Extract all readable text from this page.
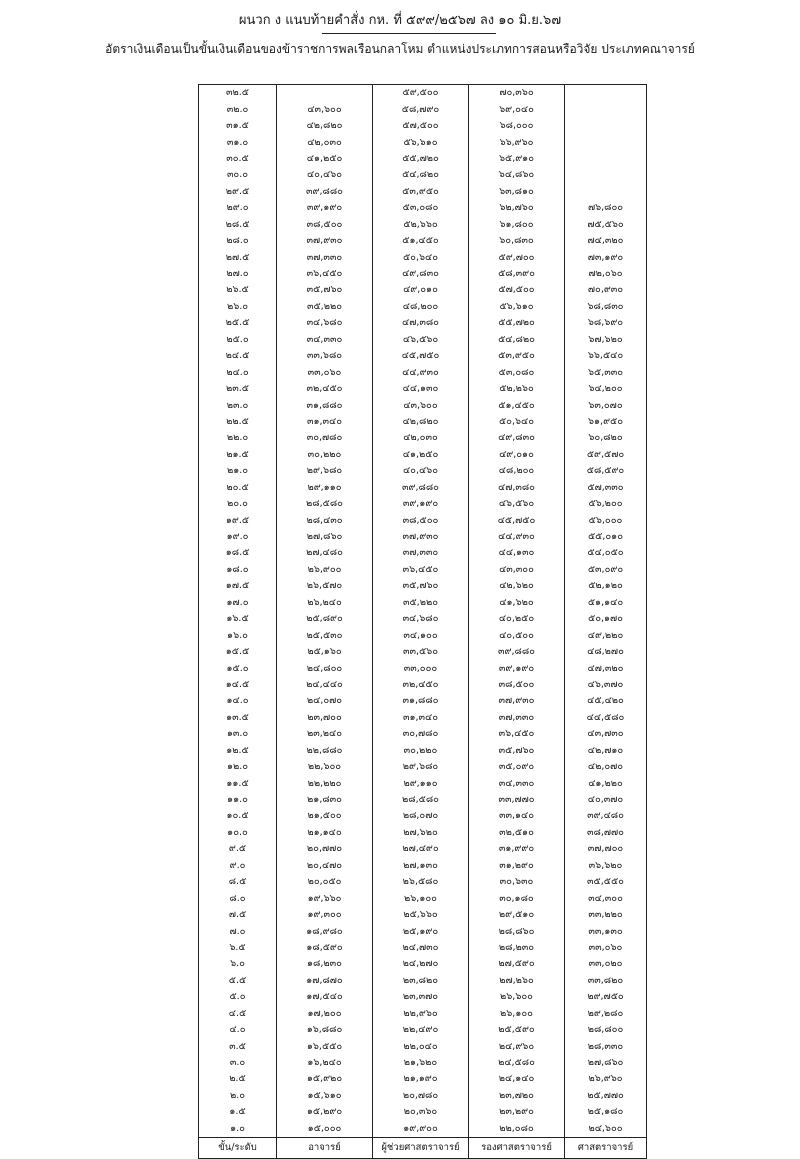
ผนวก ง แนบท้ายคำสั่ง กห. ที่ ๕๙๙/๒๕๖๗ ลง ๑๐ มิ.ย.๖๗
อัตราเงินเดือนเป็นขั้นเงินเดือนของข้าราชการพลเรือนกลาโหม ตำแหน่งประเภทการสอนหรือวิจัย ประเภทคณาจารย์
๓๒.๕		๕๙,๕๐๐	๗๐,๓๖๐	
๓๒.๐	๔๓,๖๐๐	๕๘,๗๙๐	๖๙,๐๔๐	
๓๑.๕	๔๒,๘๒๐	๕๗,๕๐๐	๖๘,๐๐๐	
๓๑.๐	๔๒,๐๓๐	๕๖,๖๑๐	๖๖,๙๖๐	
๓๐.๕	๔๑,๒๕๐	๕๕,๗๒๐	๖๕,๙๑๐	
๓๐.๐	๔๐,๔๖๐	๕๔,๘๒๐	๖๔,๘๖๐	
๒๙.๕	๓๙,๘๘๐	๕๓,๙๕๐	๖๓,๘๑๐	
๒๙.๐	๓๙,๑๙๐	๕๓,๐๘๐	๖๒,๗๖๐	๗๖,๘๐๐
๒๘.๕	๓๘,๕๐๐	๕๒,๖๖๐	๖๑,๘๐๐	๗๕,๕๖๐
๒๘.๐	๓๗,๙๓๐	๕๑,๔๕๐	๖๐,๘๓๐	๗๔,๓๒๐
๒๗.๕	๓๗,๓๓๐	๕๐,๖๔๐	๕๙,๗๐๐	๗๓,๑๙๐
๒๗.๐	๓๖,๔๕๐	๔๙,๘๓๐	๕๘,๓๙๐	๗๒,๐๖๐
๒๖.๕	๓๕,๗๖๐	๔๙,๐๑๐	๕๗,๕๐๐	๗๐,๙๓๐
๒๖.๐	๓๕,๒๒๐	๔๘,๒๐๐	๕๖,๖๑๐	๖๘,๘๓๐
๒๕.๕	๓๔,๖๘๐	๔๗,๓๘๐	๕๕,๗๒๐	๖๘,๖๙๐
๒๕.๐	๓๔,๓๓๐	๔๖,๕๖๐	๕๔,๘๒๐	๖๗,๖๒๐
๒๔.๕	๓๓,๖๘๐	๔๕,๗๕๐	๕๓,๙๕๐	๖๖,๕๔๐
๒๔.๐	๓๓,๐๖๐	๔๔,๙๓๐	๕๓,๐๘๐	๖๕,๓๓๐
๒๓.๕	๓๒,๔๕๐	๔๔,๑๓๐	๕๒,๒๖๐	๖๔,๒๐๐
๒๓.๐	๓๑,๘๘๐	๔๓,๖๐๐	๕๑,๔๕๐	๖๓,๐๗๐
๒๒.๕	๓๑,๓๔๐	๔๒,๘๒๐	๕๐,๖๔๐	๖๑,๙๕๐
๒๒.๐	๓๐,๗๘๐	๔๒,๐๓๐	๔๙,๘๓๐	๖๐,๘๒๐
๒๑.๕	๓๐,๒๒๐	๔๑,๒๕๐	๔๙,๐๑๐	๕๙,๕๗๐
๒๑.๐	๒๙,๖๘๐	๔๐,๔๖๐	๔๘,๒๐๐	๕๘,๕๙๐
๒๐.๕	๒๙,๑๑๐	๓๙,๘๘๐	๔๗,๓๘๐	๕๗,๓๓๐
๒๐.๐	๒๘,๕๘๐	๓๙,๑๙๐	๔๖,๕๖๐	๕๖,๒๐๐
๑๙.๕	๒๘,๔๓๐	๓๘,๕๐๐	๔๕,๗๕๐	๕๖,๐๐๐
๑๙.๐	๒๗,๘๖๐	๓๗,๙๓๐	๔๔,๙๓๐	๕๕,๐๑๐
๑๘.๕	๒๗,๔๘๐	๓๗,๓๓๐	๔๔,๑๓๐	๕๔,๐๕๐
๑๘.๐	๒๖,๙๐๐	๓๖,๔๕๐	๔๓,๓๐๐	๕๓,๐๙๐
๑๗.๕	๒๖,๕๗๐	๓๕,๗๖๐	๔๒,๖๒๐	๕๒,๑๒๐
๑๗.๐	๒๖,๒๔๐	๓๕,๒๒๐	๔๑,๖๒๐	๕๑,๑๔๐
๑๖.๕	๒๕,๘๙๐	๓๔,๖๘๐	๔๐,๒๕๐	๕๐,๑๗๐
๑๖.๐	๒๕,๕๓๐	๓๔,๑๐๐	๔๐,๕๐๐	๔๙,๒๒๐
๑๕.๕	๒๕,๑๖๐	๓๓,๕๖๐	๓๙,๘๘๐	๔๘,๒๗๐
๑๕.๐	๒๔,๘๐๐	๓๓,๐๐๐	๓๙,๑๙๐	๔๗,๓๒๐
๑๔.๕	๒๔,๔๔๐	๓๒,๔๕๐	๓๘,๕๐๐	๔๖,๓๗๐
๑๔.๐	๒๔,๐๗๐	๓๑,๘๘๐	๓๗,๙๓๐	๔๕,๔๒๐
๑๓.๕	๒๓,๗๐๐	๓๑,๓๔๐	๓๗,๓๓๐	๔๔,๕๘๐
๑๓.๐	๒๓,๒๔๐	๓๐,๗๘๐	๓๖,๔๕๐	๔๓,๗๓๐
๑๒.๕	๒๒,๘๘๐	๓๐,๒๒๐	๓๕,๗๖๐	๔๒,๗๑๐
๑๒.๐	๒๒,๖๐๐	๒๙,๖๘๐	๓๕,๐๙๐	๔๒,๐๗๐
๑๑.๕	๒๒,๒๒๐	๒๙,๑๑๐	๓๔,๓๓๐	๔๑,๒๒๐
๑๑.๐	๒๑,๘๓๐	๒๘,๕๘๐	๓๓,๗๗๐	๔๐,๓๗๐
๑๐.๕	๒๑,๕๐๐	๒๘,๐๗๐	๓๓,๑๔๐	๓๙,๔๘๐
๑๐.๐	๒๑,๑๔๐	๒๗,๖๒๐	๓๒,๕๑๐	๓๘,๗๗๐
๙.๕	๒๐,๗๗๐	๒๗,๔๙๐	๓๑,๙๙๐	๓๗,๗๐๐
๙.๐	๒๐,๔๗๐	๒๗,๑๓๐	๓๑,๒๙๐	๓๖,๖๒๐
๘.๕	๒๐,๐๕๐	๒๖,๕๘๐	๓๐,๖๓๐	๓๕,๕๕๐
๘.๐	๑๙,๖๖๐	๒๖,๑๐๐	๓๐,๑๘๐	๓๔,๓๐๐
๗.๕	๑๙,๓๐๐	๒๕,๖๖๐	๒๙,๕๑๐	๓๓,๒๒๐
๗.๐	๑๘,๙๘๐	๒๕,๑๙๐	๒๘,๘๖๐	๓๓,๑๓๐
๖.๕	๑๘,๕๙๐	๒๔,๗๓๐	๒๘,๒๓๐	๓๓,๐๖๐
๖.๐	๑๘,๒๓๐	๒๔,๒๗๐	๒๗,๕๙๐	๓๓,๐๒๐
๕.๕	๑๗,๘๗๐	๒๓,๘๒๐	๒๗,๒๖๐	๓๓,๘๒๐
๕.๐	๑๗,๕๔๐	๒๓,๓๗๐	๒๖,๖๐๐	๒๙,๗๕๐
๔.๕	๑๗,๒๐๐	๒๒,๙๖๐	๒๖,๑๐๐	๒๙,๒๘๐
๔.๐	๑๖,๘๘๐	๒๒,๔๙๐	๒๕,๕๙๐	๒๘,๘๐๐
๓.๕	๑๖,๕๕๐	๒๒,๐๔๐	๒๔,๙๖๐	๒๘,๓๓๐
๓.๐	๑๖,๒๔๐	๒๑,๖๒๐	๒๔,๕๘๐	๒๗,๘๖๐
๒.๕	๑๕,๙๒๐	๒๑,๑๙๐	๒๔,๑๔๐	๒๖,๙๖๐
๒.๐	๑๕,๖๑๐	๒๐,๗๘๐	๒๓,๗๒๐	๒๕,๗๗๐
๑.๕	๑๕,๒๙๐	๒๐,๓๖๐	๒๓,๒๙๐	๒๕,๑๘๐
๑.๐	๑๕,๐๐๐	๑๙,๙๐๐	๒๒,๐๘๐	๒๔,๖๐๐
ขั้น/ระดับ	อาจารย์	ผู้ช่วยศาสตราจารย์	รองศาสตราจารย์	ศาสตราจารย์
